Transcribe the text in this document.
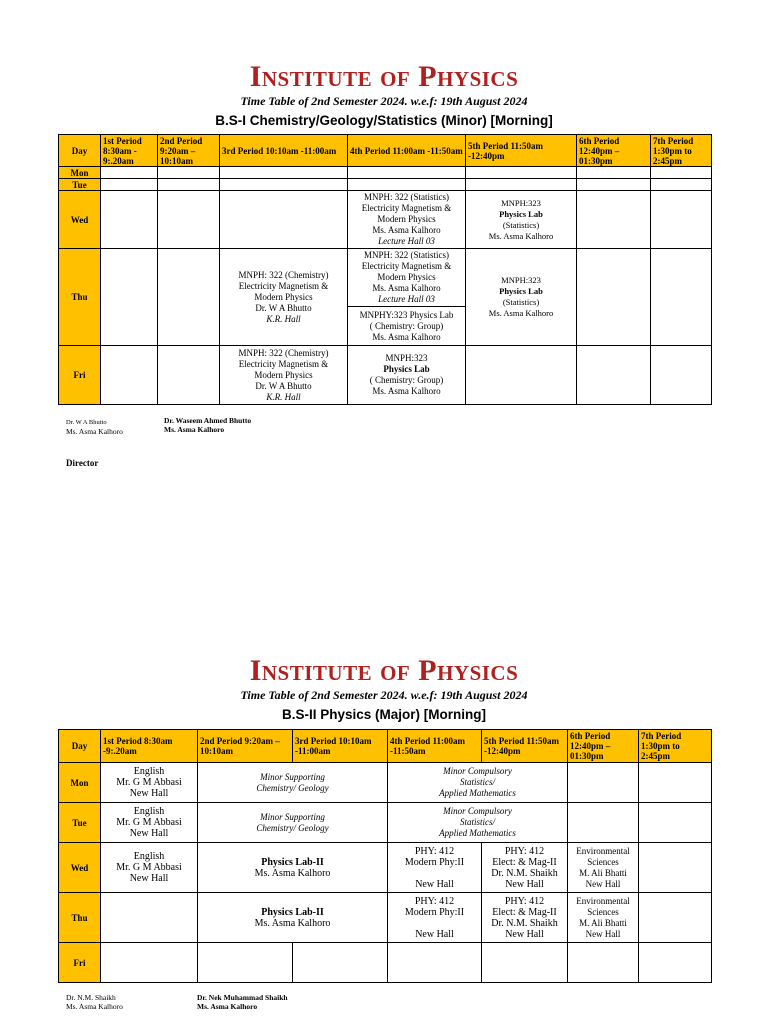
Institute of Physics
Time Table of 2nd Semester 2024. w.e.f: 19th August 2024
B.S-I Chemistry/Geology/Statistics (Minor) [Morning]
Day	1st Period 8:30am - 9:.20am	2nd Period 9:20am – 10:10am	3rd Period 10:10am -11:00am	4th Period 11:00am -11:50am	5th Period 11:50am -12:40pm	6th Period 12:40pm – 01:30pm	7th Period 1:30pm to 2:45pm
Mon							
Tue							
Wed				MNPH: 322 (Statistics)
Electricity Magnetism &
Modern Physics
Ms. Asma Kalhoro
Lecture Hall 03	MNPH:323
Physics Lab
(Statistics)
Ms. Asma Kalhoro		

Thu			MNPH: 322 (Chemistry)
Electricity Magnetism &
Modern Physics
Dr. W A Bhutto
K.R. Hall	MNPH: 322 (Statistics)
Electricity Magnetism &
Modern Physics
Ms. Asma Kalhoro
Lecture Hall 03	MNPH:323
Physics Lab
(Statistics)
Ms. Asma Kalhoro		

				MNPHY:323 Physics Lab
( Chemistry: Group)
Ms. Asma Kalhoro			

Fri			MNPH: 322 (Chemistry)
Electricity Magnetism &
Modern Physics
Dr. W A Bhutto
K.R. Hall	MNPH:323
Physics Lab
( Chemistry: Group)
Ms. Asma Kalhoro			

Dr. W A Bhutto
Ms. Asma Kalhoro
Dr. Waseem Ahmed Bhutto
Ms. Asma Kalhoro
Director
Institute of Physics
Time Table of 2nd Semester 2024. w.e.f: 19th August 2024
B.S-II Physics (Major) [Morning]
Day	1st Period 8:30am -9:.20am	2nd Period 9:20am – 10:10am	3rd Period 10:10am -11:00am	4th Period 11:00am -11:50am	5th Period 11:50am -12:40pm	6th Period 12:40pm – 01:30pm	7th Period 1:30pm to 2:45pm
Mon	English
Mr. G M Abbasi
New Hall	Minor Supporting
Chemistry/ Geology		Minor Compulsory
Statistics/
Applied Mathematics			

Tue	English
Mr. G M Abbasi
New Hall	Minor Supporting
Chemistry/ Geology		Minor Compulsory
Statistics/
Applied Mathematics			

Wed	English
Mr. G M Abbasi
New Hall	Physics Lab-II
Ms. Asma Kalhoro		PHY: 412
Modern Phy:II
New Hall	PHY: 412
Elect: & Mag-II
Dr. N.M. Shaikh
New Hall	Environmental
Sciences
M. Ali Bhatti
New Hall	

Thu		Physics Lab-II
Ms. Asma Kalhoro		PHY: 412
Modern Phy:II
New Hall	PHY: 412
Elect: & Mag-II
Dr. N.M. Shaikh
New Hall	Environmental
Sciences
M. Ali Bhatti
New Hall	

Fri							
Dr. N.M. Shaikh
Ms. Asma Kalhoro
Dr. Nek Muhammad Shaikh
Ms. Asma Kalhoro
